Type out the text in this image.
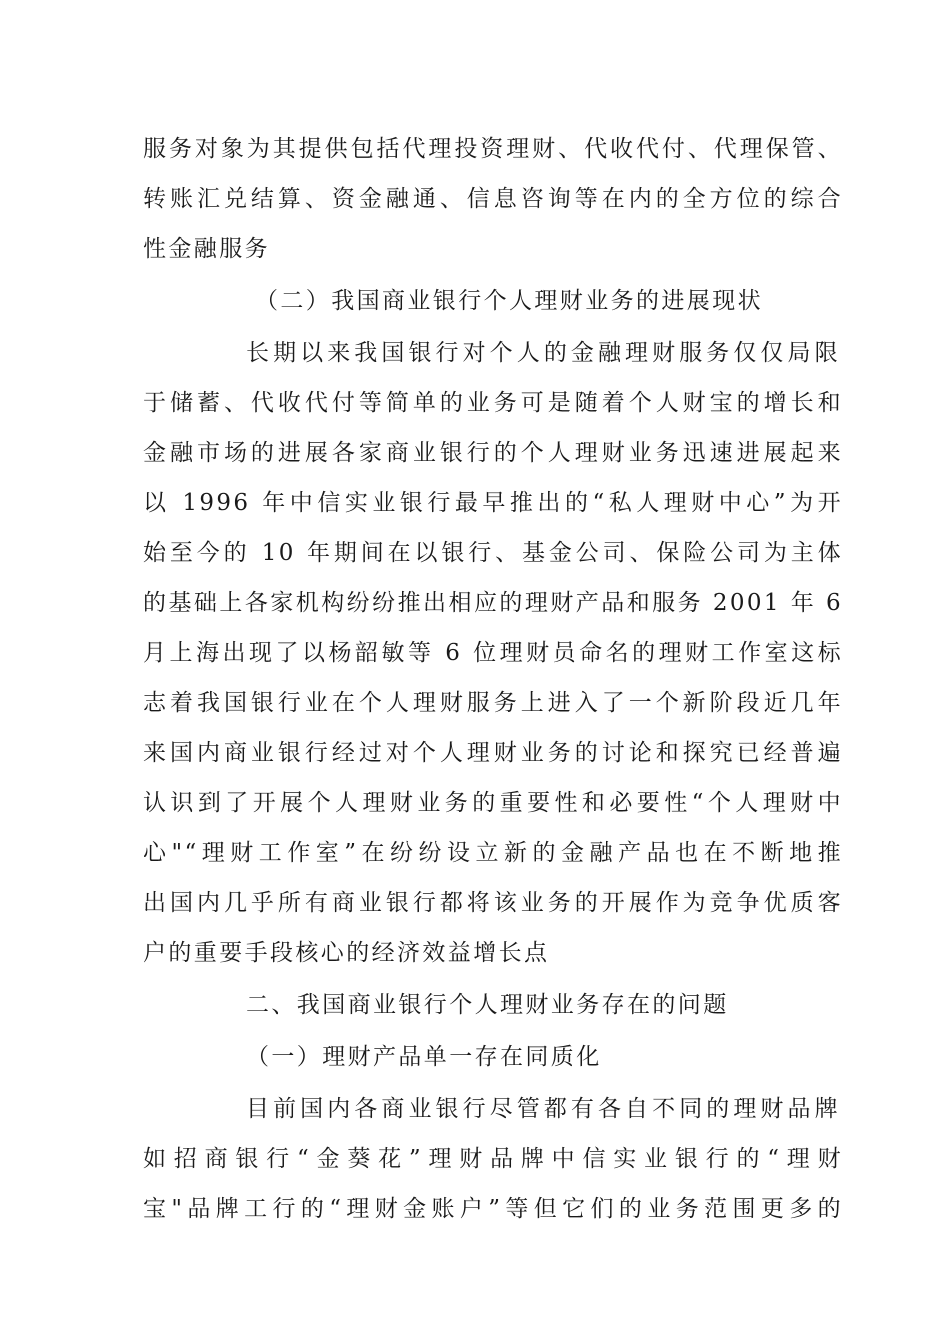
服务对象为其提供包括代理投资理财、代收代付、代理保管、
转账汇兑结算、资金融通、信息咨询等在内的全方位的综合
性金融服务
（二）我国商业银行个人理财业务的进展现状
长期以来我国银行对个人的金融理财服务仅仅局限
于储蓄、代收代付等简单的业务可是随着个人财宝的增长和
金融市场的进展各家商业银行的个人理财业务迅速进展起来
以 1996 年中信实业银行最早推出的“私人理财中心”为开
始至今的 10 年期间在以银行、基金公司、保险公司为主体
的基础上各家机构纷纷推出相应的理财产品和服务 2001 年 6
月上海出现了以杨韶敏等 6 位理财员命名的理财工作室这标
志着我国银行业在个人理财服务上进入了一个新阶段近几年
来国内商业银行经过对个人理财业务的讨论和探究已经普遍
认识到了开展个人理财业务的重要性和必要性“个人理财中
心"“理财工作室”在纷纷设立新的金融产品也在不断地推
出国内几乎所有商业银行都将该业务的开展作为竞争优质客
户的重要手段核心的经济效益增长点
二、我国商业银行个人理财业务存在的问题
（一）理财产品单一存在同质化
目前国内各商业银行尽管都有各自不同的理财品牌
如招商银行“金葵花”理财品牌中信实业银行的“理财
宝"品牌工行的“理财金账户”等但它们的业务范围更多的
